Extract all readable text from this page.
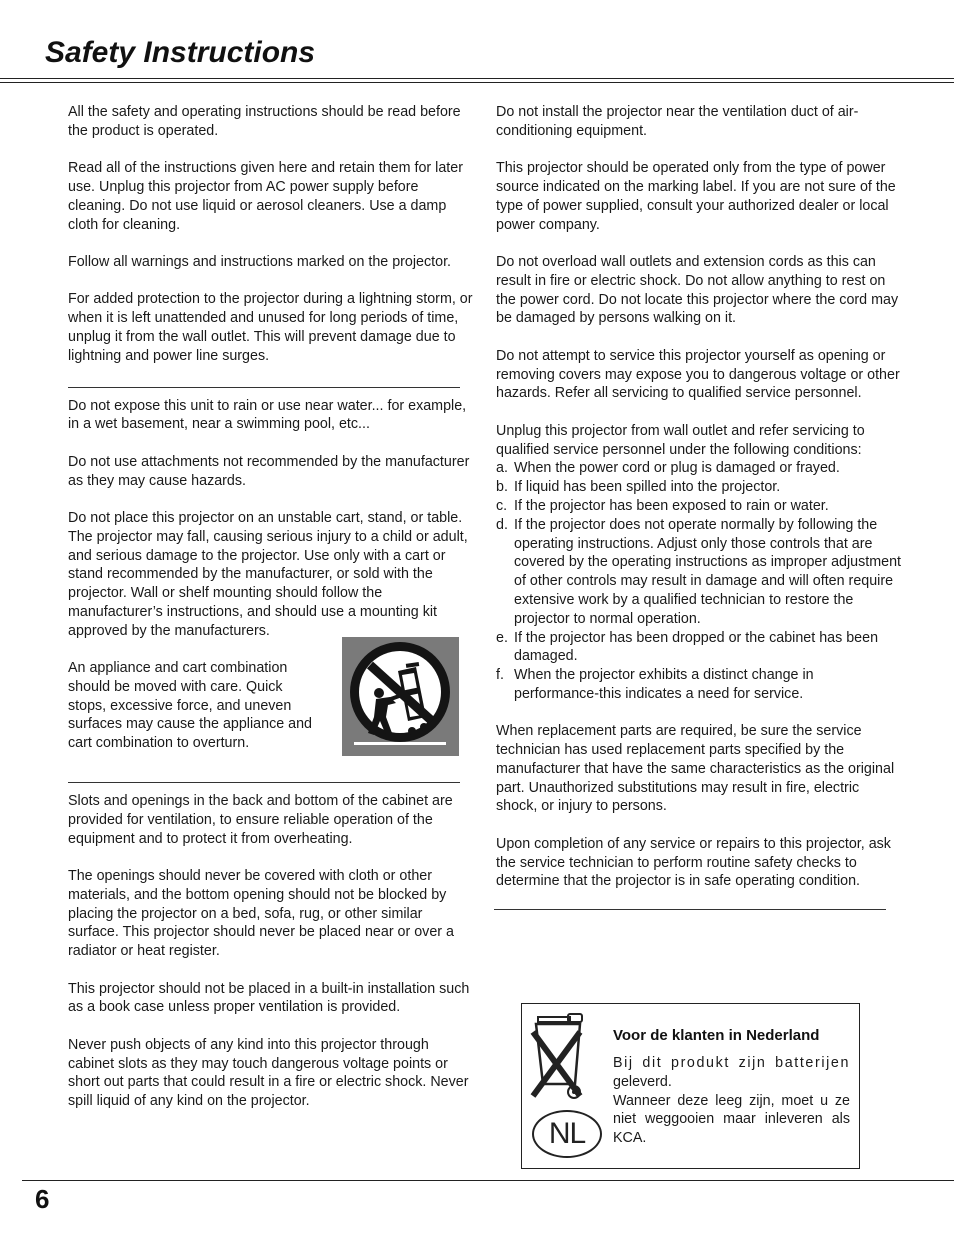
Safety Instructions

All the safety and operating instructions should be read before the product is operated.

Read all of the instructions given here and retain them for later use. Unplug this projector from AC power supply before cleaning. Do not use liquid or aerosol cleaners. Use a damp cloth for cleaning.

Follow all warnings and instructions marked on the projector.

For added protection to the projector during a lightning storm, or when it is left unattended and unused for long periods of time, unplug it from the wall outlet. This will prevent damage due to lightning and power line surges.

Do not expose this unit to rain or use near water... for example, in a wet basement, near a swimming pool, etc...

Do not use attachments not recommended by the manufacturer as they may cause hazards.

Do not place this projector on an unstable cart, stand, or table. The projector may fall, causing serious injury to a child or adult, and serious damage to the projector. Use only with a cart or stand recommended by the manufacturer, or sold with the projector. Wall or shelf mounting should follow the manufacturer’s instructions, and should use a mounting kit approved by the manufacturers.

An appliance and cart combination should be moved with care. Quick stops, excessive force, and uneven surfaces may cause the appliance and cart combination to overturn.

Slots and openings in the back and bottom of the cabinet are provided for ventilation, to ensure reliable operation of the equipment and to protect it from overheating.

The openings should never be covered with cloth or other materials, and the bottom opening should not be blocked by placing the projector on a bed, sofa, rug, or other similar surface. This projector should never be placed near or over a radiator or heat register.

This projector should not be placed in a built-in installation such as a book case unless proper ventilation is provided.

Never push objects of any kind into this projector through cabinet slots as they may touch dangerous voltage points or short out parts that could result in a fire or electric shock. Never spill liquid of any kind on the projector.

Do not install the projector near the ventilation duct of air-conditioning equipment.

This projector should be operated only from the type of power source indicated on the marking label. If you are not sure of the type of power supplied, consult your authorized dealer or local power company.

Do not overload wall outlets and extension cords as this can result in fire or electric shock. Do not allow anything to rest on the power cord. Do not locate this projector where the cord may be damaged by persons walking on it.

Do not attempt to service this projector yourself as opening or removing covers may expose you to dangerous voltage or other hazards. Refer all servicing to qualified service personnel.

Unplug this projector from wall outlet and refer servicing to qualified service personnel under the following conditions:

a. When the power cord or plug is damaged or frayed.
b. If liquid has been spilled into the projector.
c. If the projector has been exposed to rain or water.
d. If the projector does not operate normally by following the operating instructions. Adjust only those controls that are covered by the operating instructions as improper adjustment of other controls may result in damage and will often require extensive work by a qualified technician to restore the projector to normal operation.
e. If the projector has been dropped or the cabinet has been damaged.
f. When the projector exhibits a distinct change in performance-this indicates a need for service.

When replacement parts are required, be sure the service technician has used replacement parts specified by the manufacturer that have the same characteristics as the original part. Unauthorized substitutions may result in fire, electric shock, or injury to persons.

Upon completion of any service or repairs to this projector, ask the service technician to perform routine safety checks to determine that the projector is in safe operating condition.

NL

Voor de klanten in Nederland

Bij dit produkt zijn batterijen
geleverd.
Wanneer deze leeg zijn, moet u ze niet weggooien maar inleveren als KCA.

6
